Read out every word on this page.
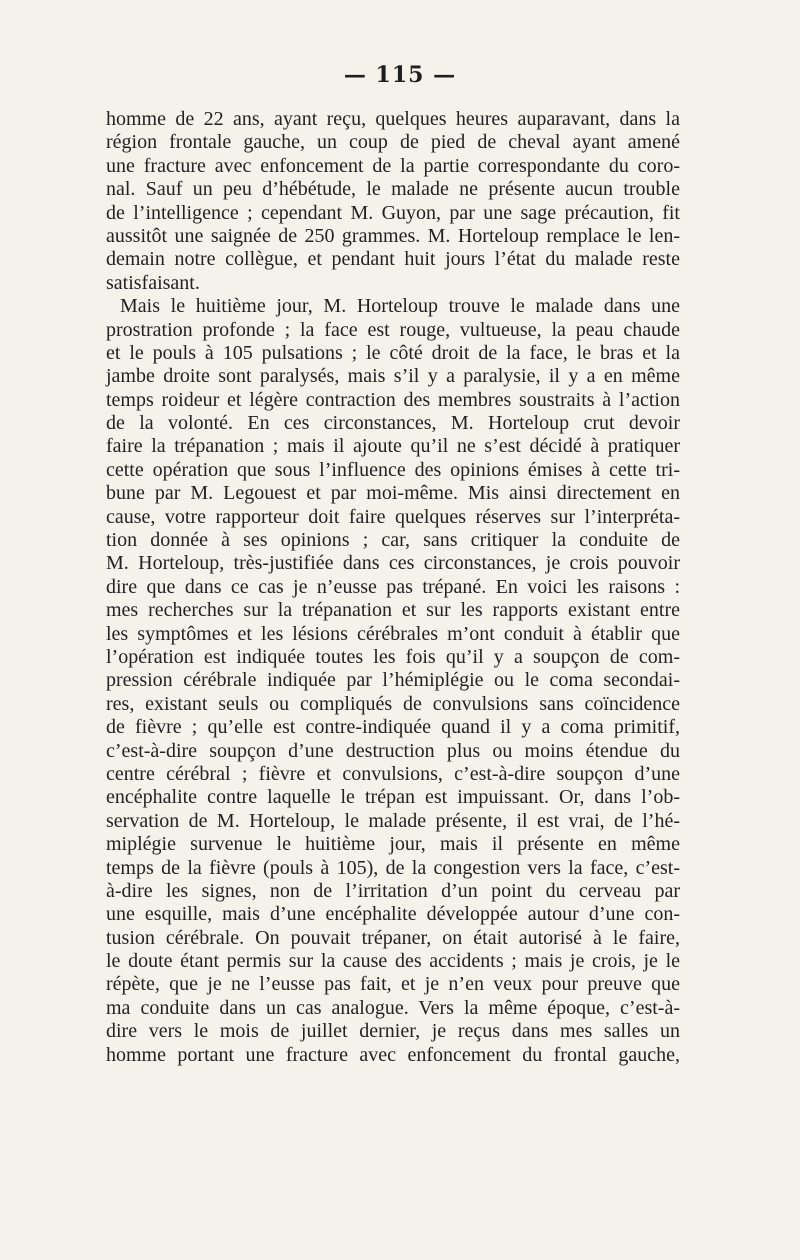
— 115 —
homme de 22 ans, ayant reçu, quelques heures auparavant, dans la
région frontale gauche, un coup de pied de cheval ayant amené
une fracture avec enfoncement de la partie correspondante du coro-
nal. Sauf un peu d’hébétude, le malade ne présente aucun trouble
de l’intelligence ; cependant M. Guyon, par une sage précaution, fit
aussitôt une saignée de 250 grammes. M. Horteloup remplace le len-
demain notre collègue, et pendant huit jours l’état du malade reste
satisfaisant.
Mais le huitième jour, M. Horteloup trouve le malade dans une
prostration profonde ; la face est rouge, vultueuse, la peau chaude
et le pouls à 105 pulsations ; le côté droit de la face, le bras et la
jambe droite sont paralysés, mais s’il y a paralysie, il y a en même
temps roideur et légère contraction des membres soustraits à l’action
de la volonté. En ces circonstances, M. Horteloup crut devoir
faire la trépanation ; mais il ajoute qu’il ne s’est décidé à pratiquer
cette opération que sous l’influence des opinions émises à cette tri-
bune par M. Legouest et par moi-même. Mis ainsi directement en
cause, votre rapporteur doit faire quelques réserves sur l’interpréta-
tion donnée à ses opinions ; car, sans critiquer la conduite de
M. Horteloup, très-justifiée dans ces circonstances, je crois pouvoir
dire que dans ce cas je n’eusse pas trépané. En voici les raisons :
mes recherches sur la trépanation et sur les rapports existant entre
les symptômes et les lésions cérébrales m’ont conduit à établir que
l’opération est indiquée toutes les fois qu’il y a soupçon de com-
pression cérébrale indiquée par l’hémiplégie ou le coma secondai-
res, existant seuls ou compliqués de convulsions sans coïncidence
de fièvre ; qu’elle est contre-indiquée quand il y a coma primitif,
c’est-à-dire soupçon d’une destruction plus ou moins étendue du
centre cérébral ; fièvre et convulsions, c’est-à-dire soupçon d’une
encéphalite contre laquelle le trépan est impuissant. Or, dans l’ob-
servation de M. Horteloup, le malade présente, il est vrai, de l’hé-
miplégie survenue le huitième jour, mais il présente en même
temps de la fièvre (pouls à 105), de la congestion vers la face, c’est-
à-dire les signes, non de l’irritation d’un point du cerveau par
une esquille, mais d’une encéphalite développée autour d’une con-
tusion cérébrale. On pouvait trépaner, on était autorisé à le faire,
le doute étant permis sur la cause des accidents ; mais je crois, je le
répète, que je ne l’eusse pas fait, et je n’en veux pour preuve que
ma conduite dans un cas analogue. Vers la même époque, c’est-à-
dire vers le mois de juillet dernier, je reçus dans mes salles un
homme portant une fracture avec enfoncement du frontal gauche,
